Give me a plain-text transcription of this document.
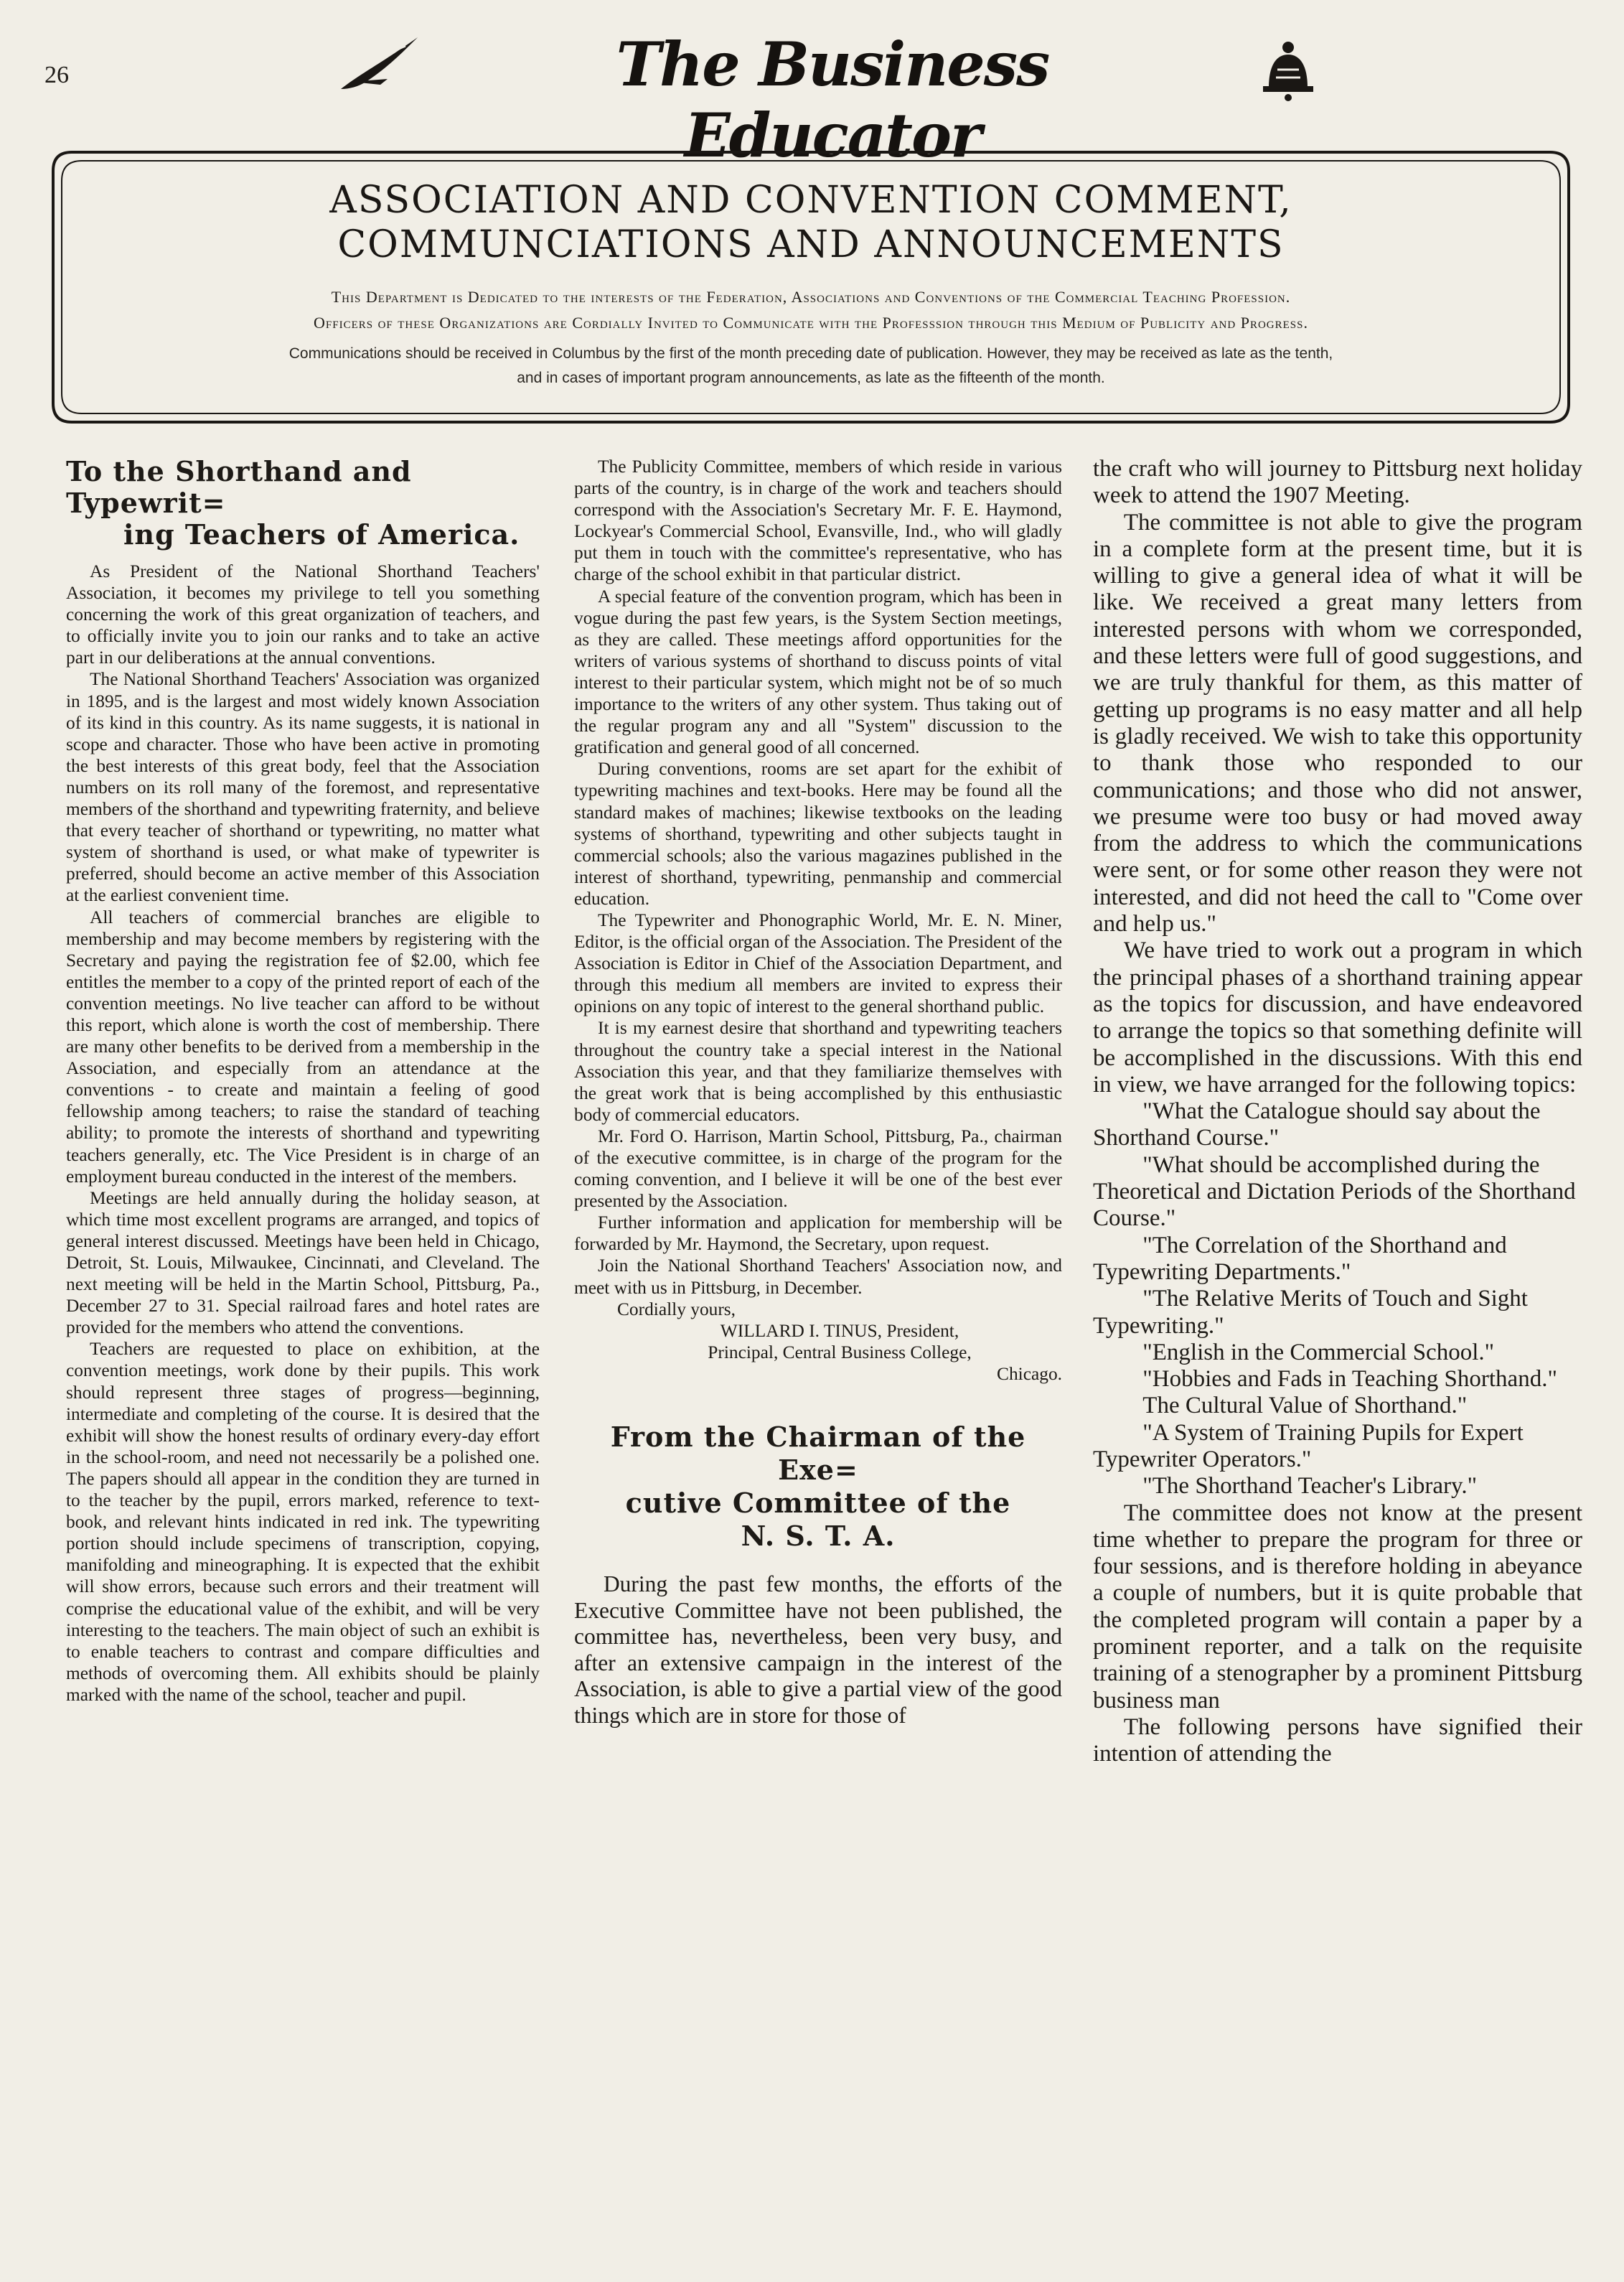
26	The Business Educator
ASSOCIATION AND CONVENTION COMMENT, COMMUNCIATIONS AND ANNOUNCEMENTS
This Department is Dedicated to the interests of the Federation, Associations and Conventions of the Commercial Teaching Profession.
Officers of these Organizations are Cordially Invited to Communicate with the Professsion through this Medium of Publicity and Progress.
Communications should be received in Columbus by the first of the month preceding date of publication. However, they may be received as late as the tenth,
and in cases of important program announcements, as late as the fifteenth of the month.
To the Shorthand and Typewrit=
ing Teachers of America.

As President of the National Shorthand Teachers' Association, it becomes my privilege to tell you something concerning the work of this great organization of teachers, and to officially invite you to join our ranks and to take an active part in our deliberations at the annual conventions.

The National Shorthand Teachers' Association was organized in 1895, and is the largest and most widely known Association of its kind in this country. As its name suggests, it is national in scope and character. Those who have been active in promoting the best interests of this great body, feel that the Association numbers on its roll many of the foremost, and representative members of the shorthand and typewriting fraternity, and believe that every teacher of shorthand or typewriting, no matter what system of shorthand is used, or what make of typewriter is preferred, should become an active member of this Association at the earliest convenient time.

All teachers of commercial branches are eligible to membership and may become members by registering with the Secretary and paying the registration fee of $2.00, which fee entitles the member to a copy of the printed report of each of the convention meetings. No live teacher can afford to be without this report, which alone is worth the cost of membership. There are many other benefits to be derived from a membership in the Association, and especially from an attendance at the conventions - to create and maintain a feeling of good fellowship among teachers; to raise the standard of teaching ability; to promote the interests of shorthand and typewriting teachers generally, etc. The Vice President is in charge of an employment bureau conducted in the interest of the members.

Meetings are held annually during the holiday season, at which time most excellent programs are arranged, and topics of general interest discussed. Meetings have been held in Chicago, Detroit, St. Louis, Milwaukee, Cincinnati, and Cleveland. The next meeting will be held in the Martin School, Pittsburg, Pa., December 27 to 31. Special railroad fares and hotel rates are provided for the members who attend the conventions.

Teachers are requested to place on exhibition, at the convention meetings, work done by their pupils. This work should represent three stages of progress—beginning, intermediate and completing of the course. It is desired that the exhibit will show the honest results of ordinary every-day effort in the school-room, and need not necessarily be a polished one. The papers should all appear in the condition they are turned in to the teacher by the pupil, errors marked, reference to text-book, and relevant hints indicated in red ink. The typewriting portion should include specimens of transcription, copying, manifolding and mineographing. It is expected that the exhibit will show errors, because such errors and their treatment will comprise the educational value of the exhibit, and will be very interesting to the teachers. The main object of such an exhibit is to enable teachers to contrast and compare difficulties and methods of overcoming them. All exhibits should be plainly marked with the name of the school, teacher and pupil.

The Publicity Committee, members of which reside in various parts of the country, is in charge of the work and teachers should correspond with the Association's Secretary Mr. F. E. Haymond, Lockyear's Commercial School, Evansville, Ind., who will gladly put them in touch with the committee's representative, who has charge of the school exhibit in that particular district.

A special feature of the convention program, which has been in vogue during the past few years, is the System Section meetings, as they are called. These meetings afford opportunities for the writers of various systems of shorthand to discuss points of vital interest to their particular system, which might not be of so much importance to the writers of any other system. Thus taking out of the regular program any and all "System" discussion to the gratification and general good of all concerned.

During conventions, rooms are set apart for the exhibit of typewriting machines and text-books. Here may be found all the standard makes of machines; likewise textbooks on the leading systems of shorthand, typewriting and other subjects taught in commercial schools; also the various magazines published in the interest of shorthand, typewriting, penmanship and commercial education.

The Typewriter and Phonographic World, Mr. E. N. Miner, Editor, is the official organ of the Association. The President of the Association is Editor in Chief of the Association Department, and through this medium all members are invited to express their opinions on any topic of interest to the general shorthand public.

It is my earnest desire that shorthand and typewriting teachers throughout the country take a special interest in the National Association this year, and that they familiarize themselves with the great work that is being accomplished by this enthusiastic body of commercial educators.

Mr. Ford O. Harrison, Martin School, Pittsburg, Pa., chairman of the executive committee, is in charge of the program for the coming convention, and I believe it will be one of the best ever presented by the Association.

Further information and application for membership will be forwarded by Mr. Haymond, the Secretary, upon request.

Join the National Shorthand Teachers' Association now, and meet with us in Pittsburg, in December.

Cordially yours,

WILLARD I. TINUS, President,

Principal, Central Business College,

Chicago.

From the Chairman of the Exe=
cutive Committee of the
N. S. T. A.

During the past few months, the efforts of the Executive Committee have not been published, the committee has, nevertheless, been very busy, and after an extensive campaign in the interest of the Association, is able to give a partial view of the good things which are in store for those of

the craft who will journey to Pittsburg next holiday week to attend the 1907 Meeting.

The committee is not able to give the program in a complete form at the present time, but it is willing to give a general idea of what it will be like. We received a great many letters from interested persons with whom we corresponded, and these letters were full of good suggestions, and we are truly thankful for them, as this matter of getting up programs is no easy matter and all help is gladly received. We wish to take this opportunity to thank those who responded to our communications; and those who did not answer, we presume were too busy or had moved away from the address to which the communications were sent, or for some other reason they were not interested, and did not heed the call to "Come over and help us."

We have tried to work out a program in which the principal phases of a shorthand training appear as the topics for discussion, and have endeavored to arrange the topics so that something definite will be accomplished in the discussions. With this end in view, we have arranged for the following topics:

"What the Catalogue should say about the Shorthand Course."

"What should be accomplished during the Theoretical and Dictation Periods of the Shorthand Course."

"The Correlation of the Shorthand and Typewriting Departments."

"The Relative Merits of Touch and Sight Typewriting."

"English in the Commercial School."

"Hobbies and Fads in Teaching Shorthand."

The Cultural Value of Shorthand."

"A System of Training Pupils for Expert Typewriter Operators."

"The Shorthand Teacher's Library."

The committee does not know at the present time whether to prepare the program for three or four sessions, and is therefore holding in abeyance a couple of numbers, but it is quite probable that the completed program will contain a paper by a prominent reporter, and a talk on the requisite training of a stenographer by a prominent Pittsburg business man

The following persons have signified their intention of attending the
